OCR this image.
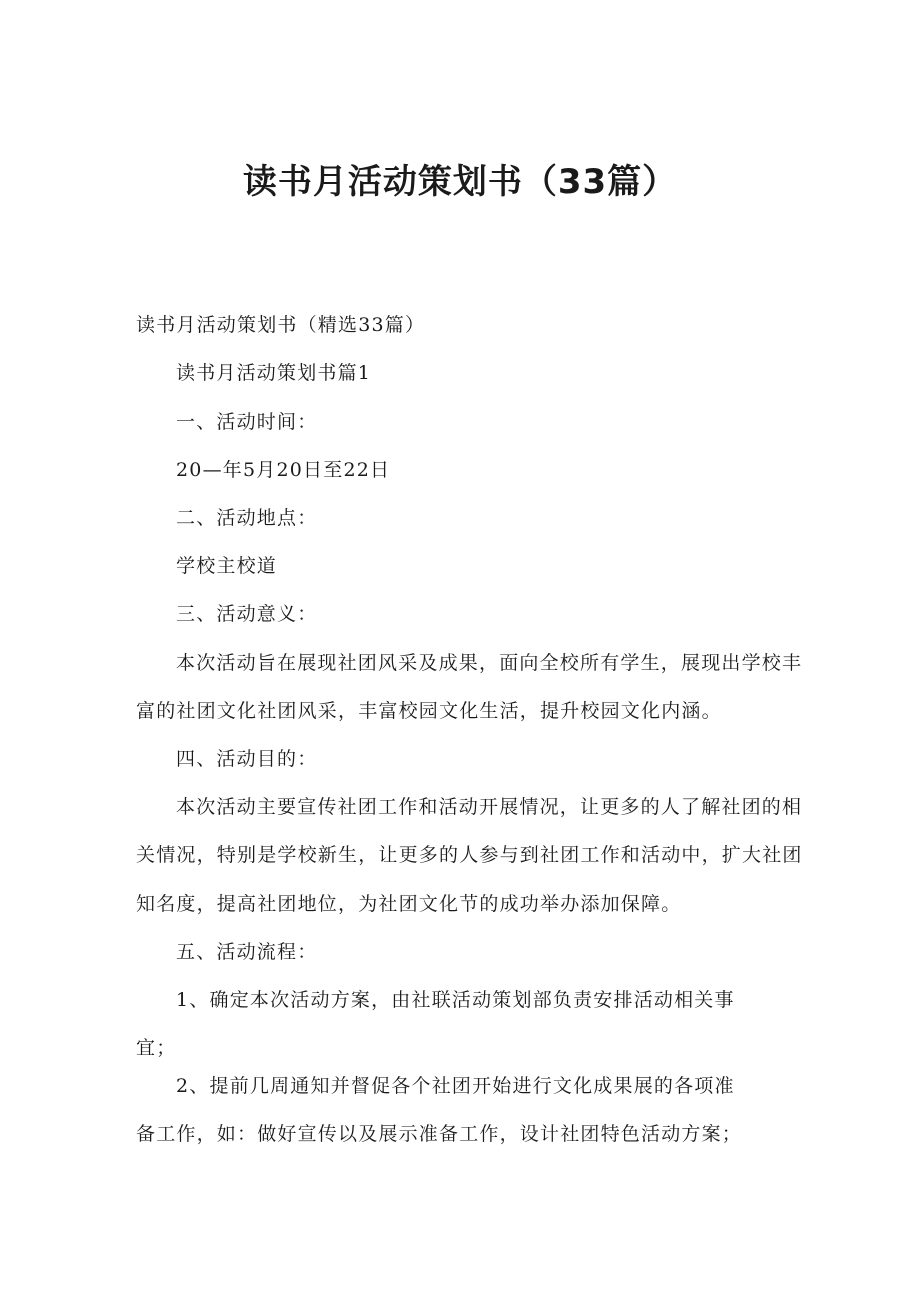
读书月活动策划书（33篇）

读书月活动策划书（精选33篇）

读书月活动策划书篇1

一、活动时间：

20—年5月20日至22日

二、活动地点：

学校主校道

三、活动意义：

本次活动旨在展现社团风采及成果，面向全校所有学生，展现出学校丰

富的社团文化社团风采，丰富校园文化生活，提升校园文化内涵。

四、活动目的：

本次活动主要宣传社团工作和活动开展情况，让更多的人了解社团的相

关情况，特别是学校新生，让更多的人参与到社团工作和活动中，扩大社团

知名度，提高社团地位，为社团文化节的成功举办添加保障。

五、活动流程：

1、确定本次活动方案，由社联活动策划部负责安排活动相关事

宜；

2、提前几周通知并督促各个社团开始进行文化成果展的各项准

备工作，如：做好宣传以及展示准备工作，设计社团特色活动方案；
